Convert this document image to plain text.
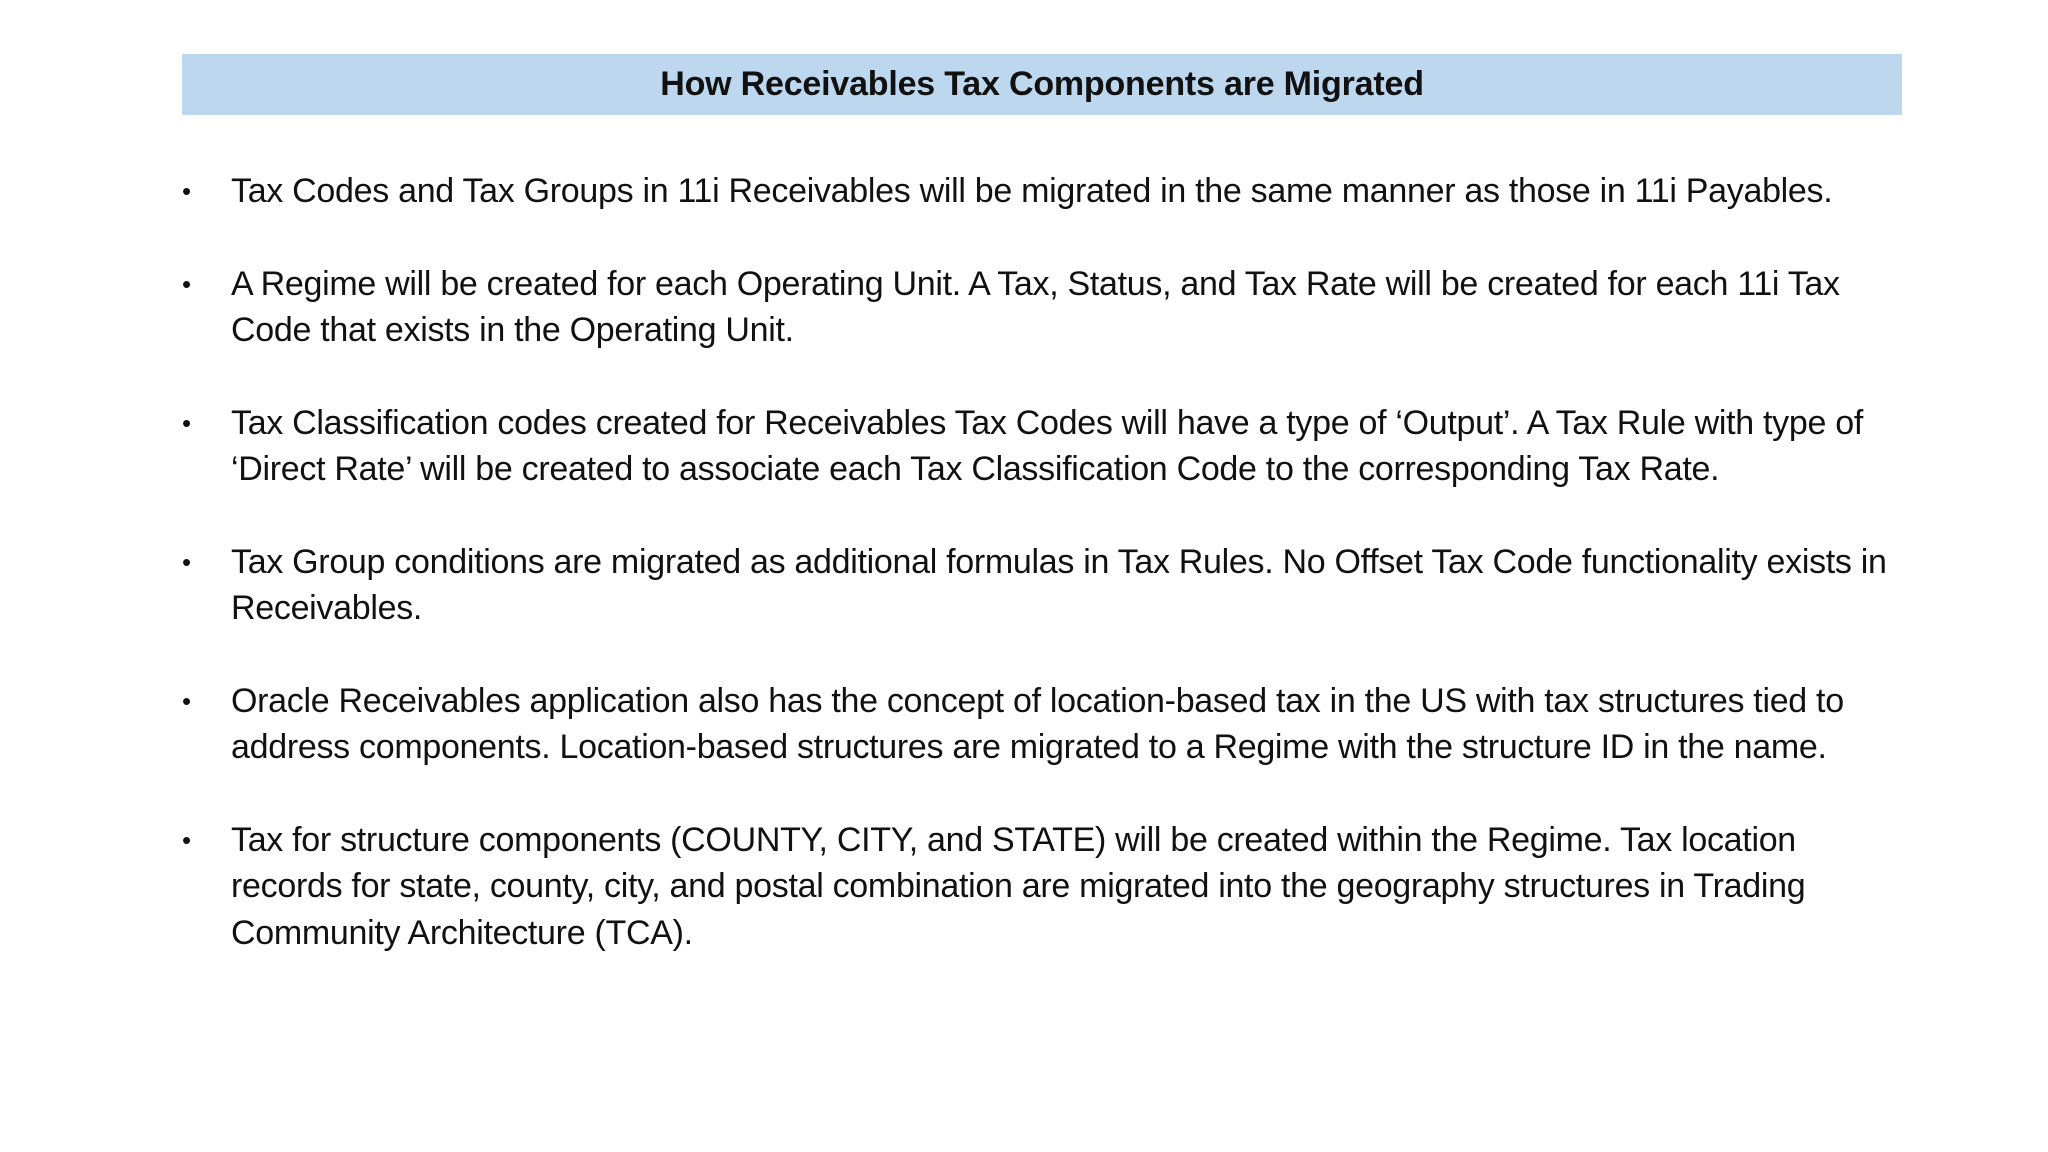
How Receivables Tax Components are Migrated
•	Tax Codes and Tax Groups in 11i Receivables will be migrated in the same manner as those in 11i Payables.
•	A Regime will be created for each Operating Unit. A Tax, Status, and Tax Rate will be created for each 11i Tax Code that exists in the Operating Unit.
•	Tax Classification codes created for Receivables Tax Codes will have a type of ‘Output’. A Tax Rule with type of ‘Direct Rate’ will be created to associate each Tax Classification Code to the corresponding Tax Rate.
•	Tax Group conditions are migrated as additional formulas in Tax Rules. No Offset Tax Code functionality exists in Receivables.
•	Oracle Receivables application also has the concept of location-based tax in the US with tax structures tied to address components. Location-based structures are migrated to a Regime with the structure ID in the name.
•	Tax for structure components (COUNTY, CITY, and STATE) will be created within the Regime. Tax location records for state, county, city, and postal combination are migrated into the geography structures in Trading Community Architecture (TCA).
